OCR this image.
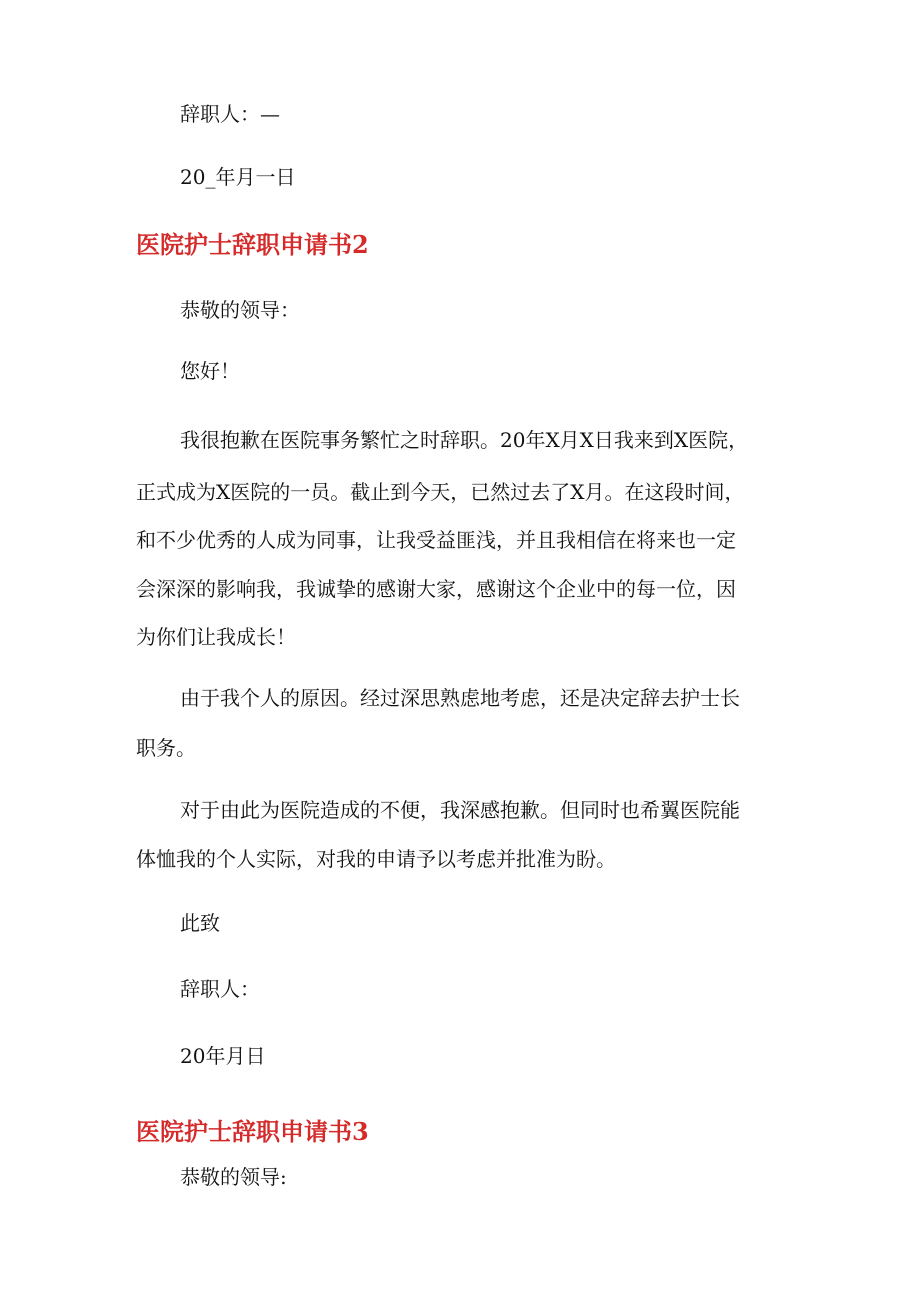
辞职人：—

20_年月一日

医院护士辞职申请书2

恭敬的领导：

您好！

我很抱歉在医院事务繁忙之时辞职。20年X月X日我来到X医院，

正式成为X医院的一员。截止到今天，已然过去了X月。在这段时间，

和不少优秀的人成为同事，让我受益匪浅，并且我相信在将来也一定

会深深的影响我，我诚挚的感谢大家，感谢这个企业中的每一位，因

为你们让我成长！

由于我个人的原因。经过深思熟虑地考虑，还是决定辞去护士长

职务。

对于由此为医院造成的不便，我深感抱歉。但同时也希翼医院能

体恤我的个人实际，对我的申请予以考虑并批准为盼。

此致

辞职人：

20年月日

医院护士辞职申请书3

恭敬的领导:
